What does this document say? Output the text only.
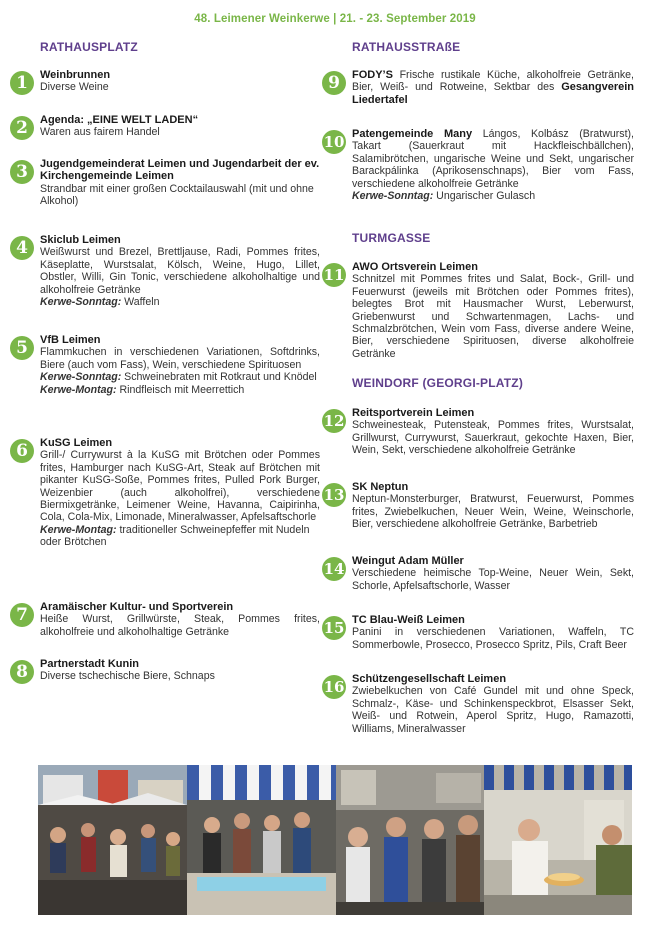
48. Leimener Weinkerwe | 21. - 23. September 2019
RATHAUSPLATZ
1	Weinbrunnen
Diverse Weine
2	Agenda: „EINE WELT LADEN“
Waren aus fairem Handel
3	Jugendgemeinderat Leimen und Jugendarbeit der ev. Kirchengemeinde Leimen
Strandbar mit einer großen Cocktailauswahl (mit und ohne Alkohol)
4	Skiclub Leimen
Weißwurst und Brezel, Brettljause, Radi, Pommes frites, Käseplatte, Wurstsalat, Kölsch, Weine, Hugo, Lillet, Obstler, Willi, Gin Tonic, verschiedene alkoholhaltige und alkoholfreie Getränke
Kerwe-Sonntag: Waffeln
5	VfB Leimen
Flammkuchen in verschiedenen Variationen, Softdrinks, Biere (auch vom Fass), Wein, verschiedene Spirituosen
Kerwe-Sonntag: Schweinebraten mit Rotkraut und Knödel
Kerwe-Montag: Rindfleisch mit Meerrettich
6	KuSG Leimen
Grill-/ Currywurst à la KuSG mit Brötchen oder Pommes frites, Hamburger nach KuSG-Art, Steak auf Brötchen mit pikanter KuSG-Soße, Pommes frites, Pulled Pork Burger, Weizenbier (auch alkoholfrei), verschiedene Biermixgetränke, Leimener Weine, Havanna, Caipirinha, Cola, Cola-Mix, Limonade, Mineralwasser, Apfelsaftschorle
Kerwe-Montag: traditioneller Schweinepfeffer mit Nudeln oder Brötchen
7	Aramäischer Kultur- und Sportverein
Heiße Wurst, Grillwürste, Steak, Pommes frites, alkoholfreie und alkoholhaltige Getränke
8	Partnerstadt Kunin
Diverse tschechische Biere, Schnaps
RATHAUSSTRAßE
9	FODY’S Frische rustikale Küche, alkoholfreie Getränke, Bier, Weiß- und Rotweine, Sektbar des Gesangverein Liedertafel
10 Patengemeinde Many Lángos, Kolbász (Bratwurst), Takart (Sauerkraut mit Hackfleischbällchen), Salamibrötchen, ungarische Weine und Sekt, ungarischer Barackpálinka (Aprikosenschnaps), Bier vom Fass, verschiedene alkoholfreie Getränke
Kerwe-Sonntag: Ungarischer Gulasch
TURMGASSE
11 AWO Ortsverein Leimen
Schnitzel mit Pommes frites und Salat, Bock-, Grill- und Feuerwurst (jeweils mit Brötchen oder Pommes frites), belegtes Brot mit Hausmacher Wurst, Leberwurst, Griebenwurst und Schwartenmagen, Lachs- und Schmalzbrötchen, Wein vom Fass, diverse andere Weine, Bier, verschiedene Spirituosen, diverse alkoholfreie Getränke
WEINDORF (GEORGI-PLATZ)
12 Reitsportverein Leimen
Schweinesteak, Putensteak, Pommes frites, Wurstsalat, Grillwurst, Currywurst, Sauerkraut, gekochte Haxen, Bier, Wein, Sekt, verschiedene alkoholfreie Getränke
13 SK Neptun
Neptun-Monsterburger, Bratwurst, Feuerwurst, Pommes frites, Zwiebelkuchen, Neuer Wein, Weine, Weinschorle, Bier, verschiedene alkoholfreie Getränke, Barbetrieb
14 Weingut Adam Müller
Verschiedene heimische Top-Weine, Neuer Wein, Sekt, Schorle, Apfelsaftschorle, Wasser
15 TC Blau-Weiß Leimen
Panini in verschiedenen Variationen, Waffeln, TC Sommerbowle, Prosecco, Prosecco Spritz, Pils, Craft Beer
16 Schützengesellschaft Leimen
Zwiebelkuchen von Café Gundel mit und ohne Speck, Schmalz-, Käse- und Schinkenspeckbrot, Elsasser Sekt, Weiß- und Rotwein, Aperol Spritz, Hugo, Ramazotti, Williams, Mineralwasser
